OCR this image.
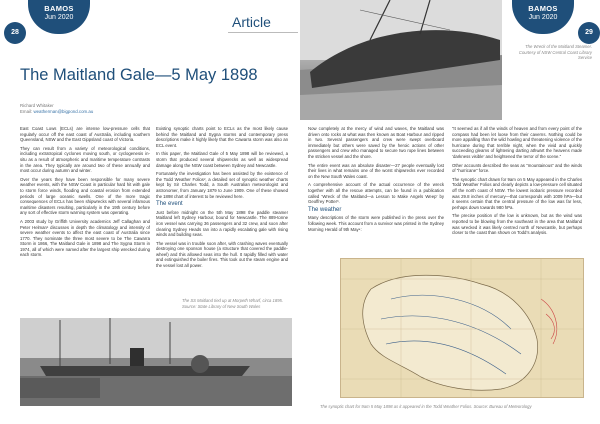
BAMOS
Jun 2020
28
BAMOS
Jun 2020
29
Article
The Maitland Gale—5 May 1898
Richard Whitaker
Email: weatherman@bigpond.com.au

East Coast Lows (ECLs) are intense low-pressure cells that regularly occur off the east coast of Australia, including southern Queensland, NSW and the East Gippsland coast of Victoria.

They can result from a variety of meteorological conditions, including extratropical cyclones moving south, or cyclogenesis in-situ as a result of atmospheric and maritime temperature contrasts in the area. They typically are around two of these annually and most occur during autumn and winter.

Over the years they have been responsible for many severe weather events, with the NSW Coast in particular hard hit with gale to storm force winds, flooding and coastal erosion from extended periods of large oceanic swells. One of the more tragic consequences of ECLs has been shipwrecks with several infamous maritime disasters resulting, particularly in the 19th century before any sort of effective storm warning system was operating.

A 2003 study by Griffith University academics Jeff Callaghan and Peter Helman¹ discusses in depth the climatology and intensity of severe weather events to affect the east coast of Australia since 1770. They nominate the three most severe to be The Cawarra Storm in 1866, The Maitland Gale in 1898 and The Sygna Storm in 1974, all of which were named after the largest ship wrecked during each storm.

Existing synoptic charts point to ECLs as the most likely cause behind the Maitland and Sygna storms and contemporary press descriptions make it highly likely that the Cawarra storm was also an ECL event.

In this paper, the Maitland Gale of 5 May 1898 will be reviewed, a storm that produced several shipwrecks as well as widespread damage along the NSW coast between Sydney and Newcastle.

Fortunately the investigation has been assisted by the existence of the Todd Weather Folios², a detailed set of synoptic weather charts kept by Sir Charles Todd, a South Australian meteorologist and astronomer, from January 1879 to June 1909. One of these showed the 1898 chart of interest to be reviewed here.

The event

Just before midnight on the 5th May 1898 the paddle steamer Maitland left Sydney Harbour, bound for Newcastle. The 889-tonne iron vessel was carrying 36 passengers and 32 crew, and soon after clearing Sydney Heads ran into a rapidly escalating gale with rising winds and building seas.

The vessel was in trouble soon after, with crashing waves eventually destroying one sponson house (a structure that covered the paddle-wheel) and this allowed seas into the hull. It rapidly filled with water and extinguished the boiler fires. This took out the steam engine and the vessel lost all power.

The SS Maitland tied up at Morpeth Wharf, circa 1895. Source: State Library of New South Wales

Now completely at the mercy of wind and waves, the Maitland was driven onto rocks at what was then known as Boat Harbour and ripped in two. Several passengers and crew were swept overboard immediately but others were saved by the heroic actions of other passengers and crew who managed to secure two rope lines between the stricken vessel and the shore.

The entire event was an absolute disaster—27 people eventually lost their lives in what remains one of the worst shipwrecks ever recorded on the New South Wales coast.

A comprehensive account of the actual occurrence of the wreck together with all the rescue attempts, can be found in a publication called ‘Wreck of the Maitland—a Lesson to Make Angels Weep’ by Geoffrey Potter³.

The weather

Many descriptions of the storm were published in the press over the following week. This account from a survivor was printed in the Sydney Morning Herald of 9th May⁴:

“It seemed as if all the winds of heaven and from every point of the compass had been let loose from their caverns. Nothing could be more appalling than the wild howling and threatening violence of the hurricane during that terrible night, when the vivid and quickly succeeding gleams of lightening darting athwart the heavens made ‘darkness visible’ and heightened the terror of the scene.”

Other accounts described the seas as “mountainous” and the winds of “hurricane” force.

The synoptic chart drawn for 9am on 5 May appeared in the Charles Todd Weather Folios and clearly depicts a low-pressure cell situated off the north coast of NSW. The lowest isobaric pressure recorded was 29.8 inches of mercury—that corresponds with 1009 hPa—but it seems certain that the central pressure of the low was far less, perhaps down towards 980 hPa.

The precise position of the low is unknown, but as the wind was reported to be blowing from the southeast in the area that Maitland was wrecked it was likely centred north of Newcastle, but perhaps closer to the coast than shown on Todd’s analysis.

The Wreck of the Maitland Steamer. Courtesy of NSW Central Coast Library Service
The synoptic chart for 9am 5 May 1898 as it appeared in the Todd Weather Folios. Source: Bureau of Meteorology
